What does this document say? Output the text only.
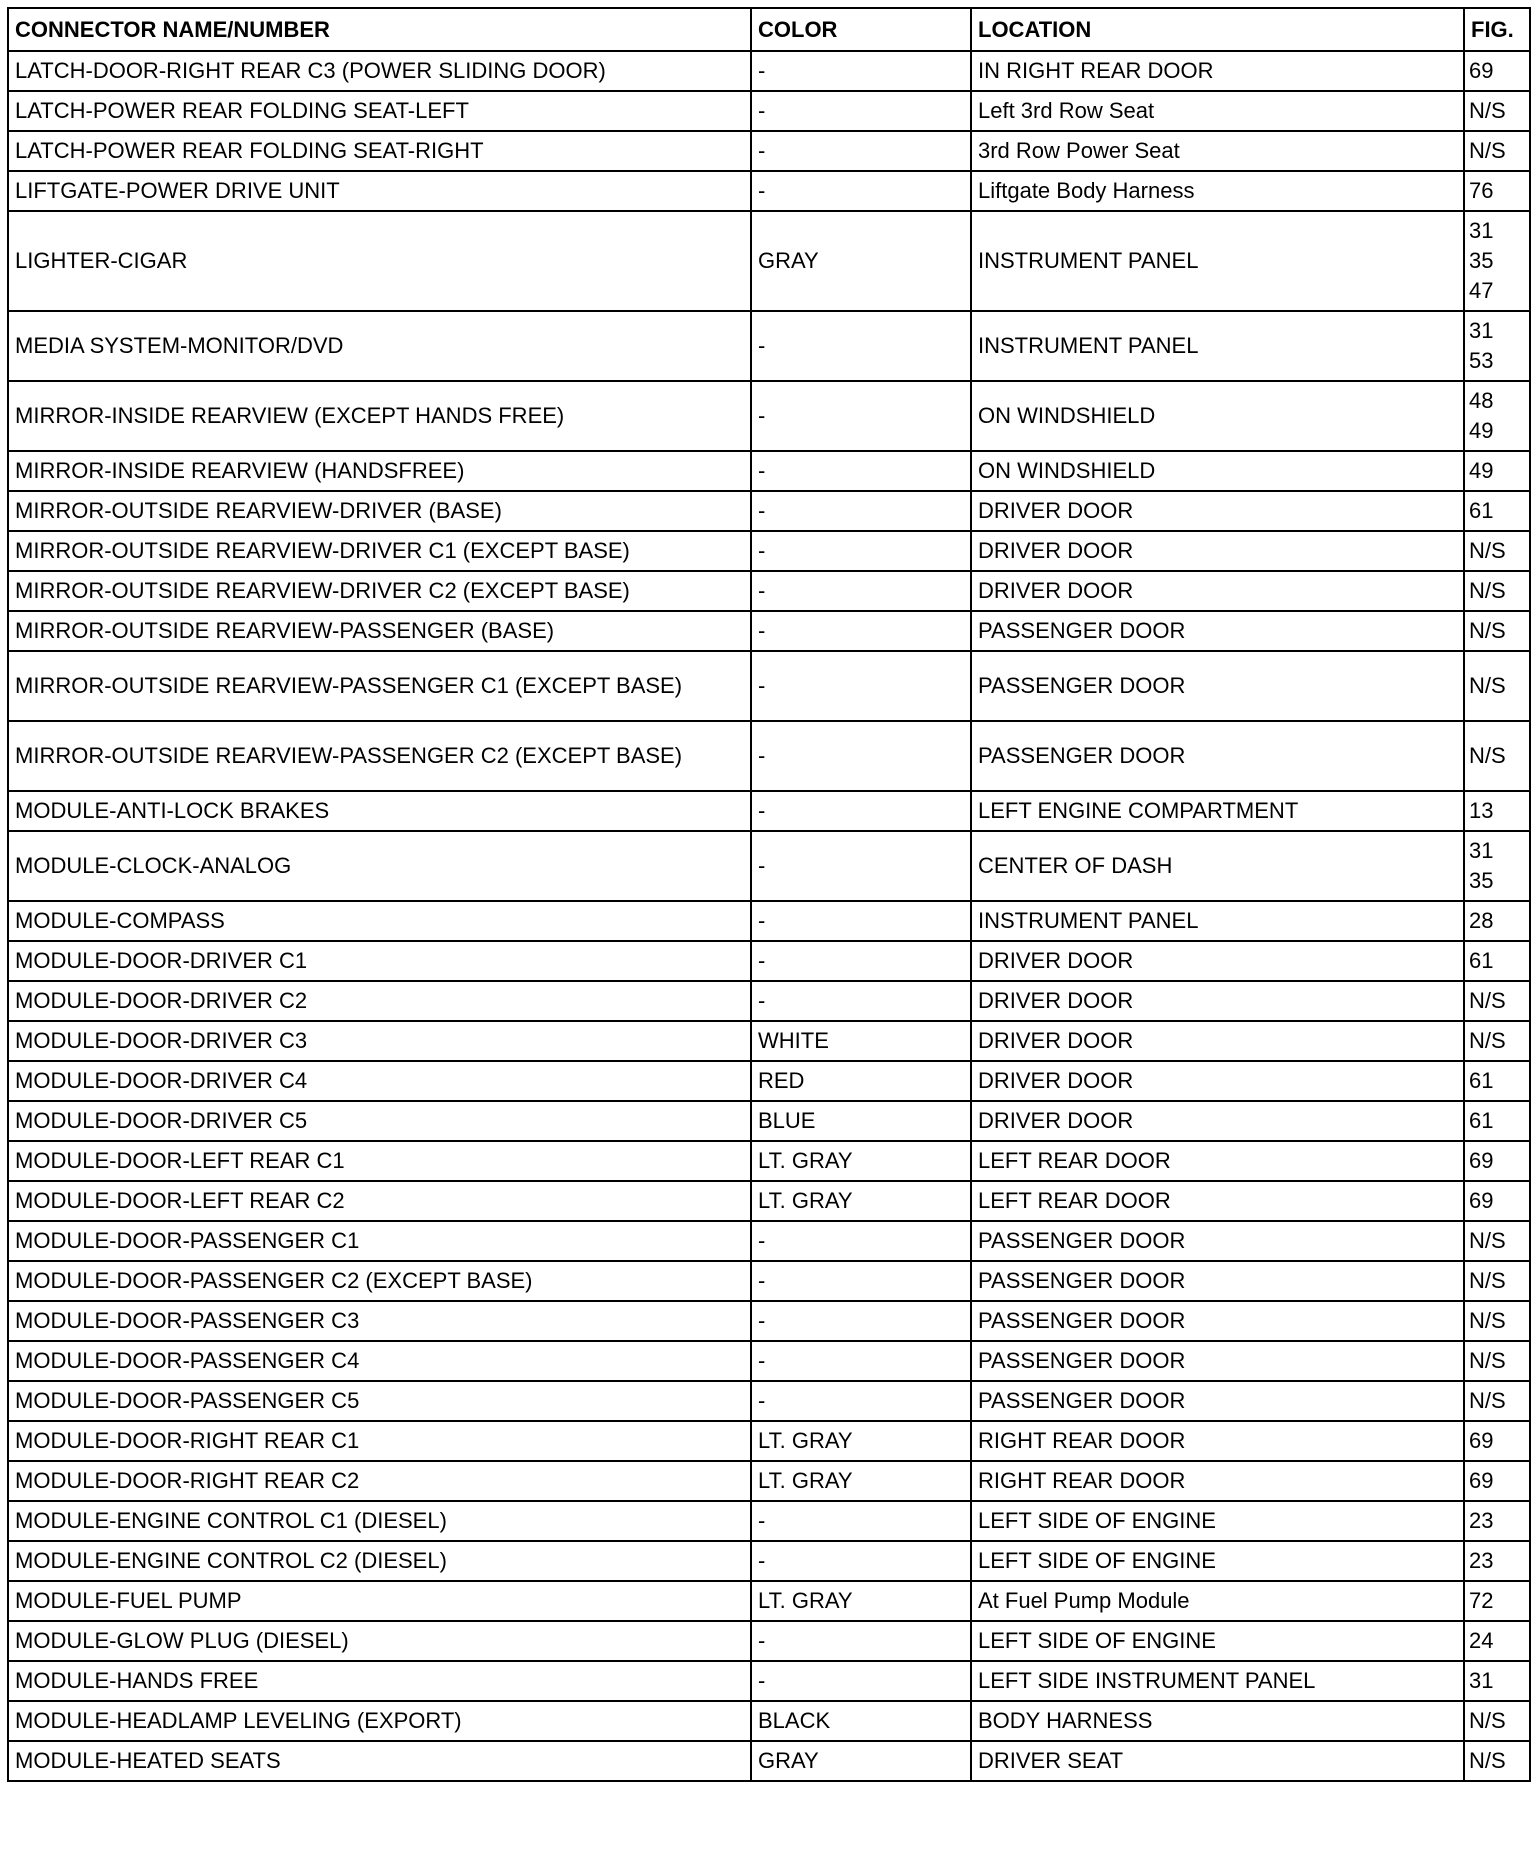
CONNECTOR NAME/NUMBER	COLOR	LOCATION	FIG.
LATCH-DOOR-RIGHT REAR C3 (POWER SLIDING DOOR)	-	IN RIGHT REAR DOOR	69

LATCH-POWER REAR FOLDING SEAT-LEFT	-	Left 3rd Row Seat	N/S

LATCH-POWER REAR FOLDING SEAT-RIGHT	-	3rd Row Power Seat	N/S

LIFTGATE-POWER DRIVE UNIT	-	Liftgate Body Harness	76

LIGHTER-CIGAR	GRAY	INSTRUMENT PANEL	31
35
47

MEDIA SYSTEM-MONITOR/DVD	-	INSTRUMENT PANEL	31
53

MIRROR-INSIDE REARVIEW (EXCEPT HANDS FREE)	-	ON WINDSHIELD	48
49

MIRROR-INSIDE REARVIEW (HANDSFREE)	-	ON WINDSHIELD	49

MIRROR-OUTSIDE REARVIEW-DRIVER (BASE)	-	DRIVER DOOR	61

MIRROR-OUTSIDE REARVIEW-DRIVER C1 (EXCEPT BASE)	-	DRIVER DOOR	N/S

MIRROR-OUTSIDE REARVIEW-DRIVER C2 (EXCEPT BASE)	-	DRIVER DOOR	N/S

MIRROR-OUTSIDE REARVIEW-PASSENGER (BASE)	-	PASSENGER DOOR	N/S

MIRROR-OUTSIDE REARVIEW-PASSENGER C1 (EXCEPT BASE)	-	PASSENGER DOOR	N/S

MIRROR-OUTSIDE REARVIEW-PASSENGER C2 (EXCEPT BASE)	-	PASSENGER DOOR	N/S

MODULE-ANTI-LOCK BRAKES	-	LEFT ENGINE COMPARTMENT	13

MODULE-CLOCK-ANALOG	-	CENTER OF DASH	31
35

MODULE-COMPASS	-	INSTRUMENT PANEL	28

MODULE-DOOR-DRIVER C1	-	DRIVER DOOR	61

MODULE-DOOR-DRIVER C2	-	DRIVER DOOR	N/S

MODULE-DOOR-DRIVER C3	WHITE	DRIVER DOOR	N/S

MODULE-DOOR-DRIVER C4	RED	DRIVER DOOR	61

MODULE-DOOR-DRIVER C5	BLUE	DRIVER DOOR	61

MODULE-DOOR-LEFT REAR C1	LT. GRAY	LEFT REAR DOOR	69

MODULE-DOOR-LEFT REAR C2	LT. GRAY	LEFT REAR DOOR	69

MODULE-DOOR-PASSENGER C1	-	PASSENGER DOOR	N/S

MODULE-DOOR-PASSENGER C2 (EXCEPT BASE)	-	PASSENGER DOOR	N/S

MODULE-DOOR-PASSENGER C3	-	PASSENGER DOOR	N/S

MODULE-DOOR-PASSENGER C4	-	PASSENGER DOOR	N/S

MODULE-DOOR-PASSENGER C5	-	PASSENGER DOOR	N/S

MODULE-DOOR-RIGHT REAR C1	LT. GRAY	RIGHT REAR DOOR	69

MODULE-DOOR-RIGHT REAR C2	LT. GRAY	RIGHT REAR DOOR	69

MODULE-ENGINE CONTROL C1 (DIESEL)	-	LEFT SIDE OF ENGINE	23

MODULE-ENGINE CONTROL C2 (DIESEL)	-	LEFT SIDE OF ENGINE	23

MODULE-FUEL PUMP	LT. GRAY	At Fuel Pump Module	72

MODULE-GLOW PLUG (DIESEL)	-	LEFT SIDE OF ENGINE	24

MODULE-HANDS FREE	-	LEFT SIDE INSTRUMENT PANEL	31

MODULE-HEADLAMP LEVELING (EXPORT)	BLACK	BODY HARNESS	N/S

MODULE-HEATED SEATS	GRAY	DRIVER SEAT	N/S
